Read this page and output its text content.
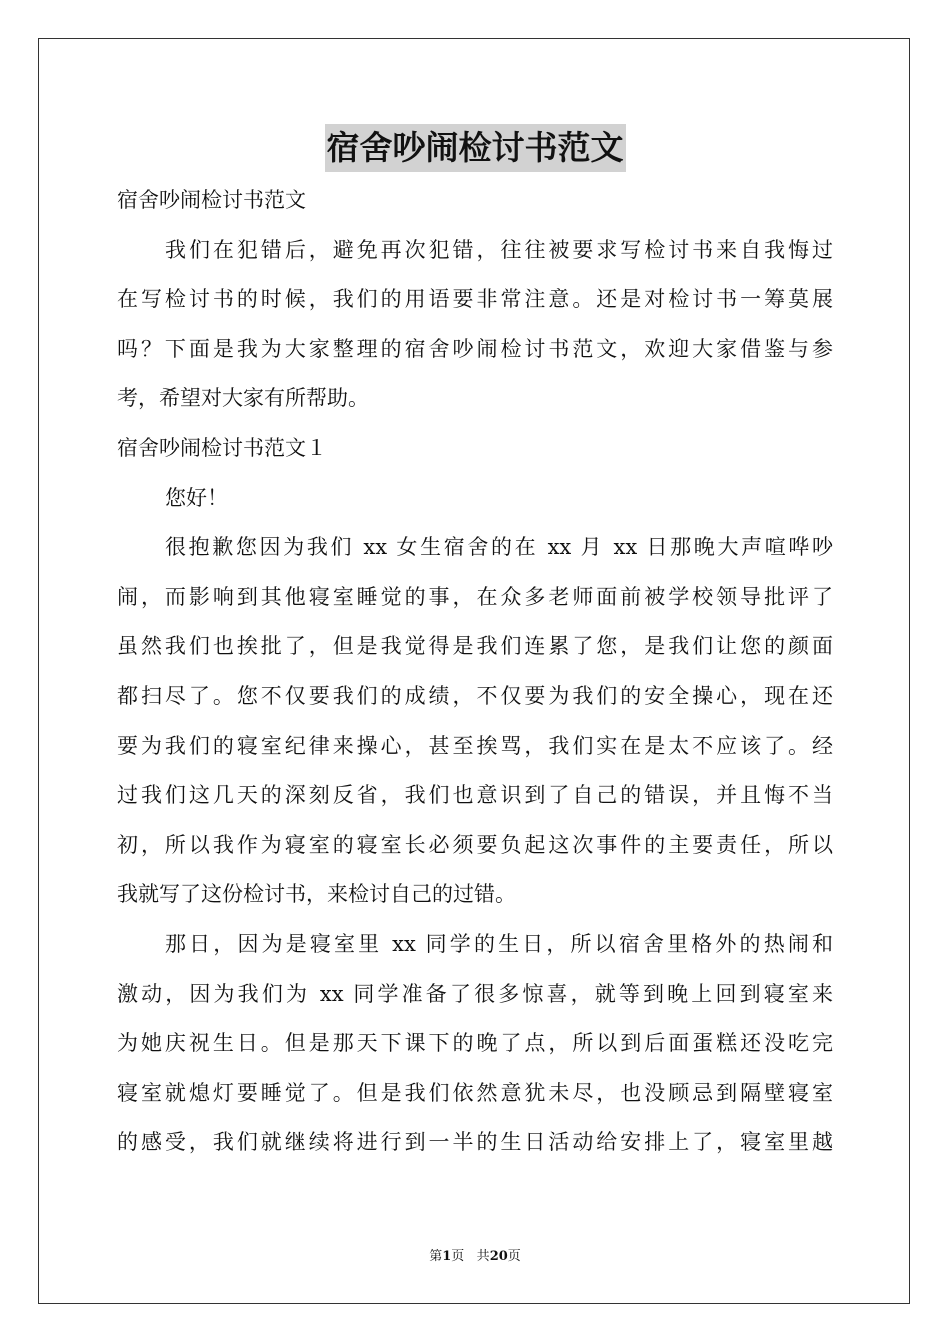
宿舍吵闹检讨书范文
宿舍吵闹检讨书范文
我们在犯错后，避免再次犯错，往往被要求写检讨书来自我悔过
在写检讨书的时候，我们的用语要非常注意。还是对检讨书一筹莫展
吗？下面是我为大家整理的宿舍吵闹检讨书范文，欢迎大家借鉴与参
考，希望对大家有所帮助。
宿舍吵闹检讨书范文１
您好！
很抱歉您因为我们 xx 女生宿舍的在 xx 月 xx 日那晚大声喧哗吵
闹，而影响到其他寝室睡觉的事，在众多老师面前被学校领导批评了
虽然我们也挨批了，但是我觉得是我们连累了您，是我们让您的颜面
都扫尽了。您不仅要我们的成绩，不仅要为我们的安全操心，现在还
要为我们的寝室纪律来操心，甚至挨骂，我们实在是太不应该了。经
过我们这几天的深刻反省，我们也意识到了自己的错误，并且悔不当
初，所以我作为寝室的寝室长必须要负起这次事件的主要责任，所以
我就写了这份检讨书，来检讨自己的过错。
那日，因为是寝室里 xx 同学的生日，所以宿舍里格外的热闹和
激动，因为我们为 xx 同学准备了很多惊喜，就等到晚上回到寝室来
为她庆祝生日。但是那天下课下的晚了点，所以到后面蛋糕还没吃完
寝室就熄灯要睡觉了。但是我们依然意犹未尽，也没顾忌到隔壁寝室
的感受，我们就继续将进行到一半的生日活动给安排上了，寝室里越
第1页 共20页
